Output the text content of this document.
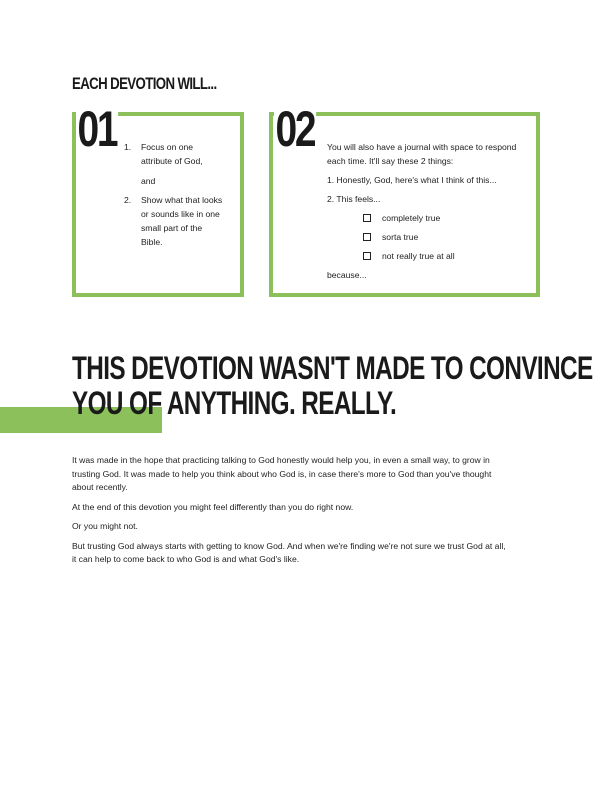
EACH DEVOTION WILL...
01 1. Focus on one attribute of God,
and
2. Show what that looks or sounds like in one small part of the Bible.
02 You will also have a journal with space to respond each time. It'll say these 2 things:

1. Honestly, God, here's what I think of this...

2. This feels...

completely true
sorta true
not really true at all

because...

THIS DEVOTION WASN'T MADE TO CONVINCE
YOU OF ANYTHING. REALLY.

It was made in the hope that practicing talking to God honestly would help you, in even a small way, to grow in trusting God. It was made to help you think about who God is, in case there's more to God than you've thought about recently.

At the end of this devotion you might feel differently than you do right now.

Or you might not.

But trusting God always starts with getting to know God. And when we're finding we're not sure we trust God at all, it can help to come back to who God is and what God's like.
